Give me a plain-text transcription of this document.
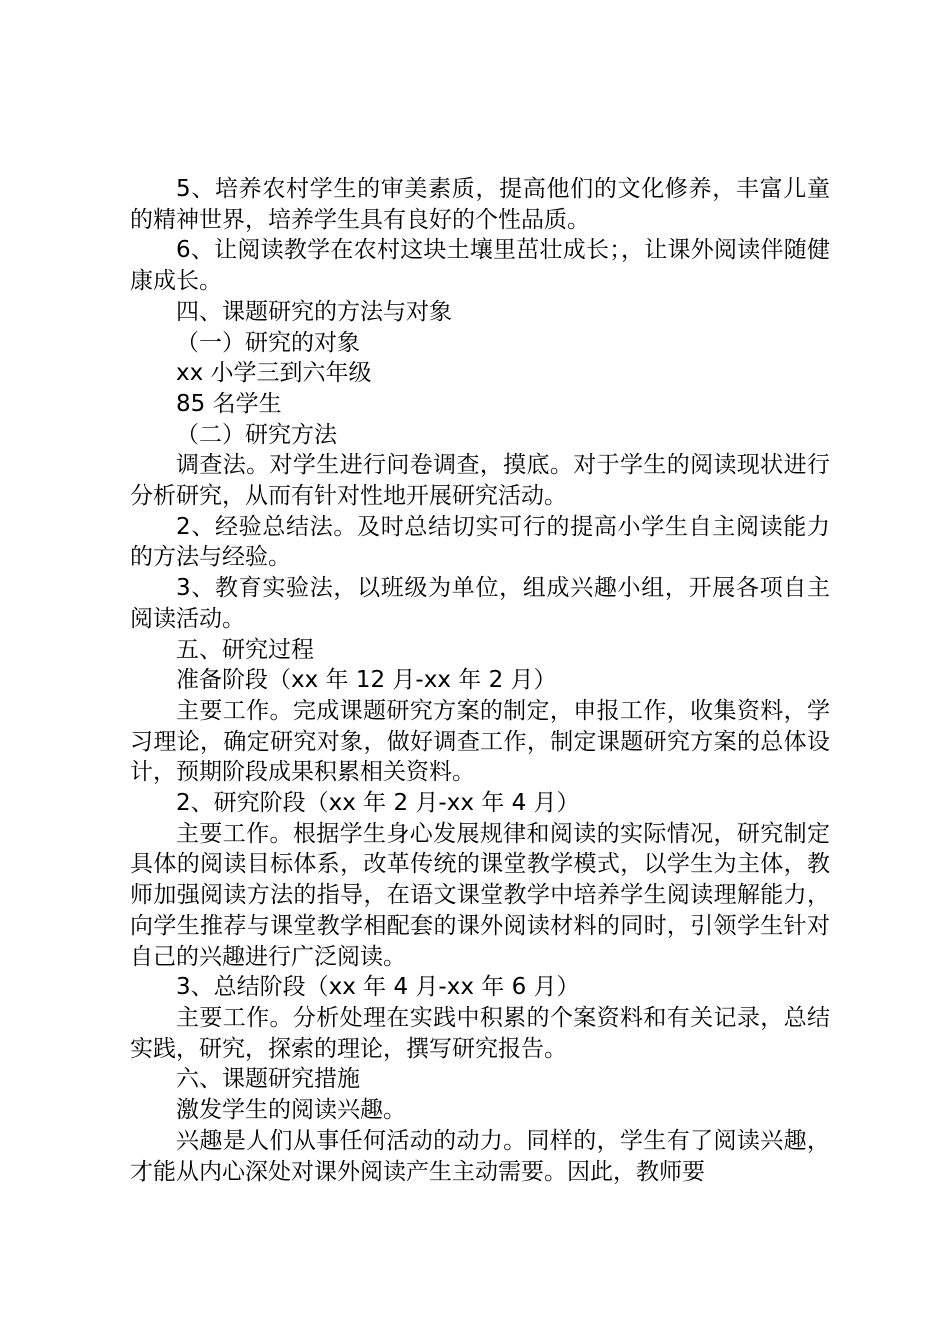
5、培养农村学生的审美素质，提高他们的文化修养，丰富儿童的精神世界，培养学生具有良好的个性品质。

6、让阅读教学在农村这块土壤里茁壮成长；，让课外阅读伴随健康成长。

四、课题研究的方法与对象

（一）研究的对象

xx 小学三到六年级

85 名学生

（二）研究方法

调查法。对学生进行问卷调查，摸底。对于学生的阅读现状进行分析研究，从而有针对性地开展研究活动。

2、经验总结法。及时总结切实可行的提高小学生自主阅读能力的方法与经验。

3、教育实验法，以班级为单位，组成兴趣小组，开展各项自主阅读活动。

五、研究过程

准备阶段（xx 年 12 月-xx 年 2 月）

主要工作。完成课题研究方案的制定，申报工作，收集资料，学习理论，确定研究对象，做好调查工作，制定课题研究方案的总体设计，预期阶段成果积累相关资料。

2、研究阶段（xx 年 2 月-xx 年 4 月）

主要工作。根据学生身心发展规律和阅读的实际情况，研究制定具体的阅读目标体系，改革传统的课堂教学模式，以学生为主体，教师加强阅读方法的指导，在语文课堂教学中培养学生阅读理解能力，向学生推荐与课堂教学相配套的课外阅读材料的同时，引领学生针对自己的兴趣进行广泛阅读。

3、总结阶段（xx 年 4 月-xx 年 6 月）

主要工作。分析处理在实践中积累的个案资料和有关记录，总结实践，研究，探索的理论，撰写研究报告。

六、课题研究措施

激发学生的阅读兴趣。

兴趣是人们从事任何活动的动力。同样的，学生有了阅读兴趣，才能从内心深处对课外阅读产生主动需要。因此，教师要
